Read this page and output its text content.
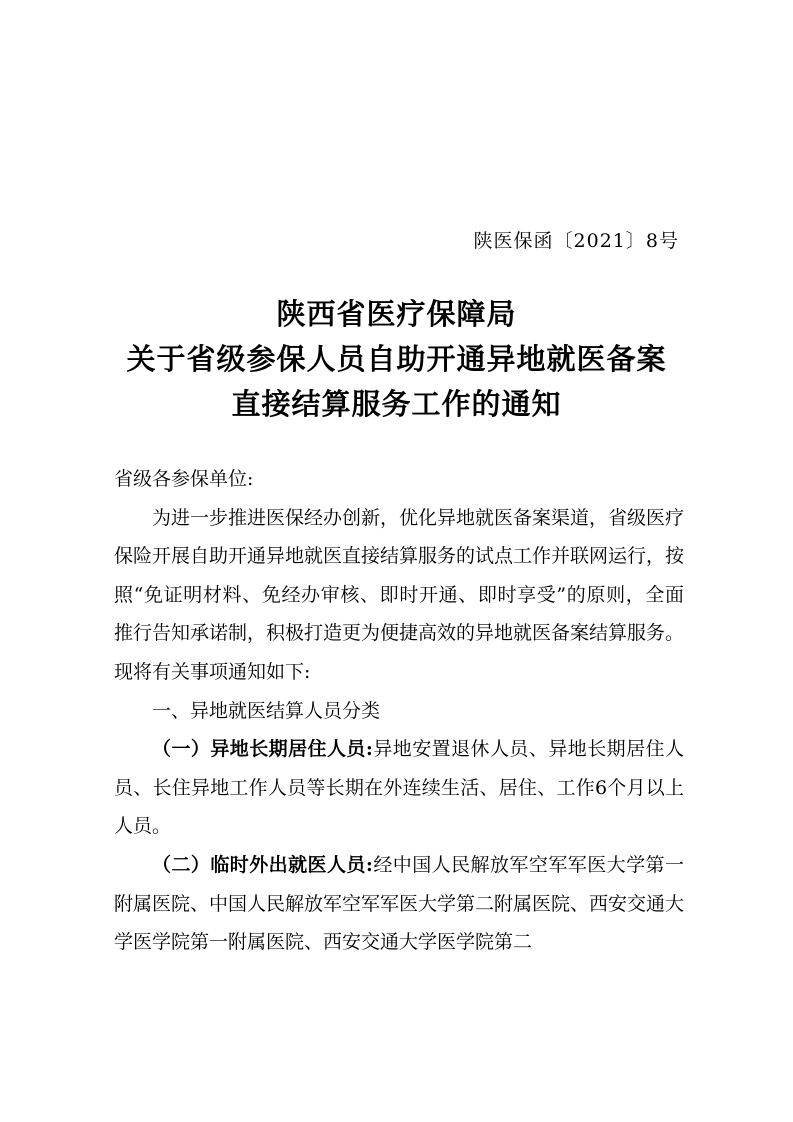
陕医保函〔2021〕8号
陕西省医疗保障局
关于省级参保人员自助开通异地就医备案
直接结算服务工作的通知

省级各参保单位:

为进一步推进医保经办创新，优化异地就医备案渠道，省级医疗保险开展自助开通异地就医直接结算服务的试点工作并联网运行，按照“免证明材料、免经办审核、即时开通、即时享受”的原则，全面推行告知承诺制，积极打造更为便捷高效的异地就医备案结算服务。现将有关事项通知如下:

一、异地就医结算人员分类

（一）异地长期居住人员:异地安置退休人员、异地长期居住人员、长住异地工作人员等长期在外连续生活、居住、工作6个月以上人员。

（二）临时外出就医人员:经中国人民解放军空军军医大学第一附属医院、中国人民解放军空军军医大学第二附属医院、西安交通大学医学院第一附属医院、西安交通大学医学院第二
